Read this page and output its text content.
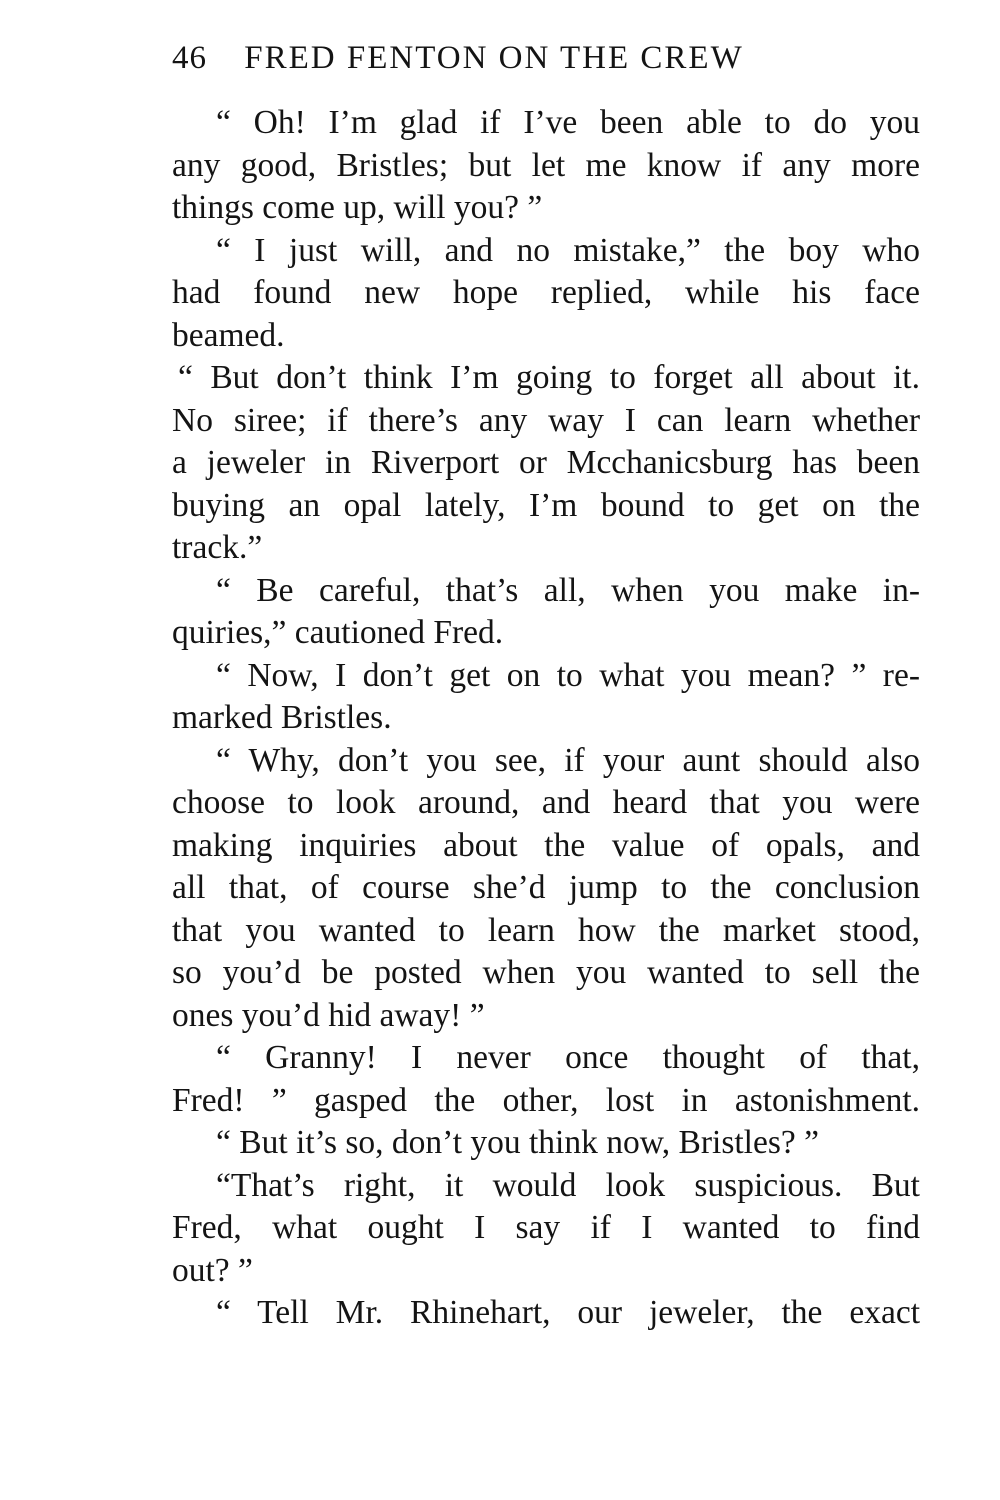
46 FRED FENTON ON THE CREW
“ Oh! I’m glad if I’ve been able to do you
any good, Bristles; but let me know if any more
things come up, will you? ”
“ I just will, and no mistake,” the boy who
had found new hope replied, while his face
beamed.
“ But don’t think I’m going to forget all about it.
No siree; if there’s any way I can learn whether
a jeweler in Riverport or Mcchanicsburg has been
buying an opal lately, I’m bound to get on the
track.”
“ Be careful, that’s all, when you make in-
quiries,” cautioned Fred.
“ Now, I don’t get on to what you mean? ” re-
marked Bristles.
“ Why, don’t you see, if your aunt should also
choose to look around, and heard that you were
making inquiries about the value of opals, and
all that, of course she’d jump to the conclusion
that you wanted to learn how the market stood,
so you’d be posted when you wanted to sell the
ones you’d hid away! ”
“ Granny! I never once thought of that,
Fred! ” gasped the other, lost in astonishment.
“ But it’s so, don’t you think now, Bristles? ”
“That’s right, it would look suspicious. But
Fred, what ought I say if I wanted to find
out? ”
“ Tell Mr. Rhinehart, our jeweler, the exact
